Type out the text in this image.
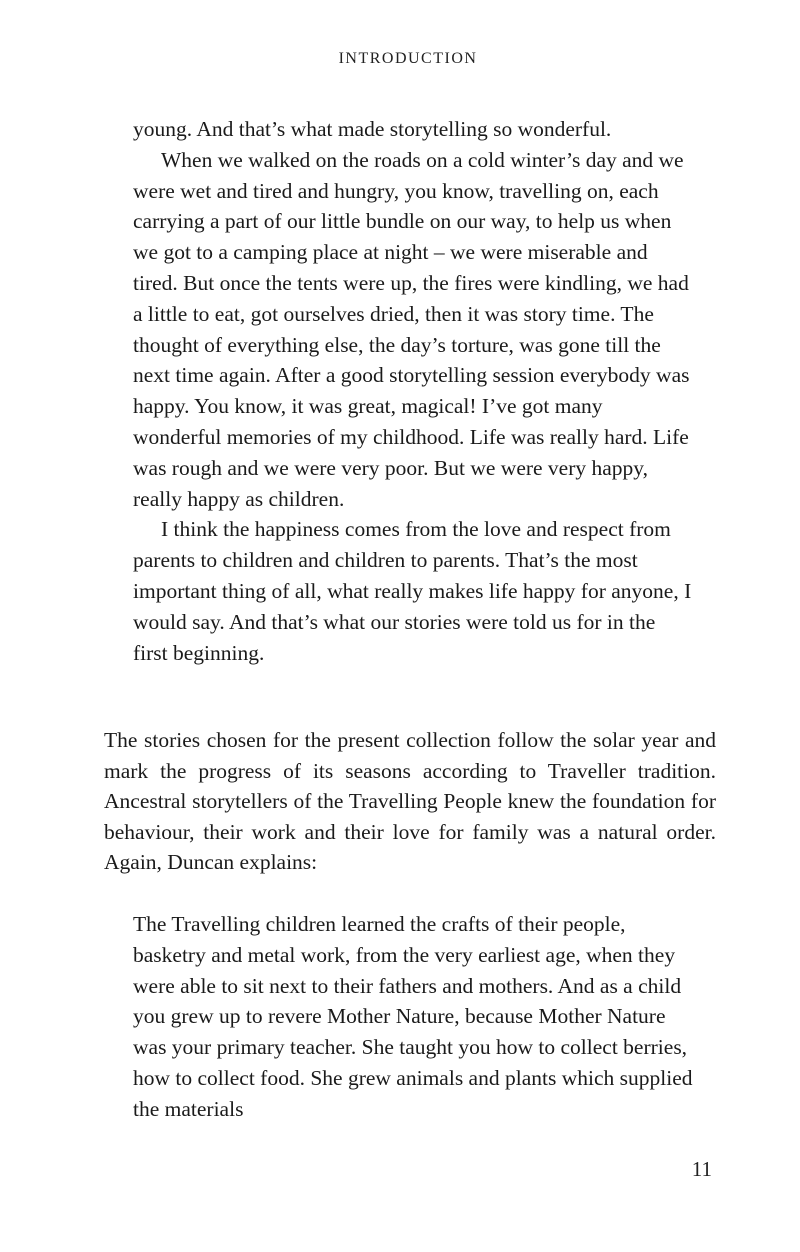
INTRODUCTION

young. And that’s what made storytelling so wonderful.

When we walked on the roads on a cold winter’s day and we were wet and tired and hungry, you know, travelling on, each carrying a part of our little bundle on our way, to help us when we got to a camping place at night – we were miserable and tired. But once the tents were up, the fires were kindling, we had a little to eat, got ourselves dried, then it was story time. The thought of everything else, the day’s torture, was gone till the next time again. After a good storytelling session everybody was happy. You know, it was great, magical! I’ve got many wonderful memories of my childhood. Life was really hard. Life was rough and we were very poor. But we were very happy, really happy as children.

I think the happiness comes from the love and respect from parents to children and children to parents. That’s the most important thing of all, what really makes life happy for anyone, I would say. And that’s what our stories were told us for in the first beginning.

The stories chosen for the present collection follow the solar year and mark the progress of its seasons according to Traveller tradition. Ancestral storytellers of the Travelling People knew the foundation for behaviour, their work and their love for family was a natural order. Again, Duncan explains:

The Travelling children learned the crafts of their people, basketry and metal work, from the very earliest age, when they were able to sit next to their fathers and mothers. And as a child you grew up to revere Mother Nature, because Mother Nature was your primary teacher. She taught you how to collect berries, how to collect food. She grew animals and plants which supplied the materials

11
